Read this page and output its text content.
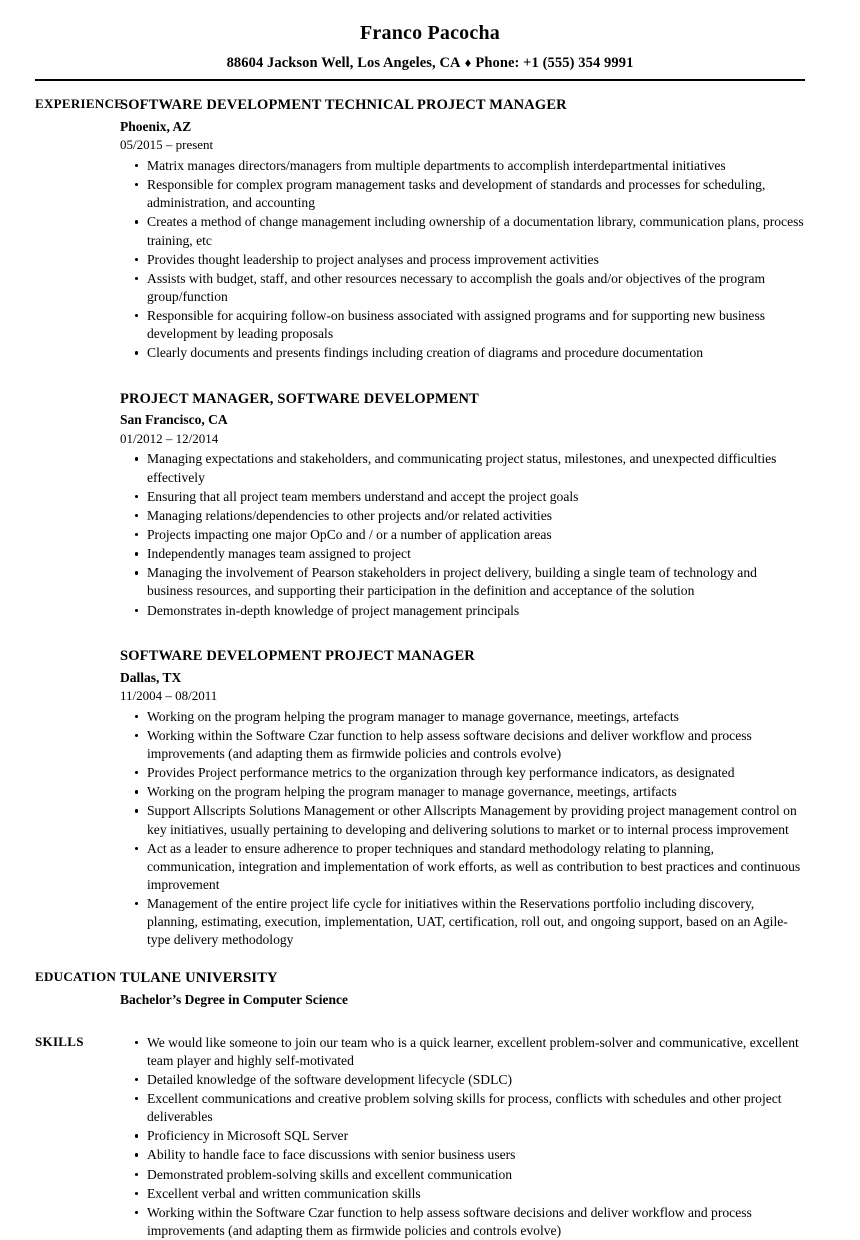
Franco Pacocha
88604 Jackson Well, Los Angeles, CA ♦ Phone: +1 (555) 354 9991
EXPERIENCE
SOFTWARE DEVELOPMENT TECHNICAL PROJECT MANAGER
Phoenix, AZ
05/2015 – present
Matrix manages directors/managers from multiple departments to accomplish interdepartmental initiatives
Responsible for complex program management tasks and development of standards and processes for scheduling, administration, and accounting
Creates a method of change management including ownership of a documentation library, communication plans, process training, etc
Provides thought leadership to project analyses and process improvement activities
Assists with budget, staff, and other resources necessary to accomplish the goals and/or objectives of the program group/function
Responsible for acquiring follow-on business associated with assigned programs and for supporting new business development by leading proposals
Clearly documents and presents findings including creation of diagrams and procedure documentation
PROJECT MANAGER, SOFTWARE DEVELOPMENT
San Francisco, CA
01/2012 – 12/2014
Managing expectations and stakeholders, and communicating project status, milestones, and unexpected difficulties effectively
Ensuring that all project team members understand and accept the project goals
Managing relations/dependencies to other projects and/or related activities
Projects impacting one major OpCo and / or a number of application areas
Independently manages team assigned to project
Managing the involvement of Pearson stakeholders in project delivery, building a single team of technology and business resources, and supporting their participation in the definition and acceptance of the solution
Demonstrates in-depth knowledge of project management principals
SOFTWARE DEVELOPMENT PROJECT MANAGER
Dallas, TX
11/2004 – 08/2011
Working on the program helping the program manager to manage governance, meetings, artefacts
Working within the Software Czar function to help assess software decisions and deliver workflow and process improvements (and adapting them as firmwide policies and controls evolve)
Provides Project performance metrics to the organization through key performance indicators, as designated
Working on the program helping the program manager to manage governance, meetings, artifacts
Support Allscripts Solutions Management or other Allscripts Management by providing project management control on key initiatives, usually pertaining to developing and delivering solutions to market or to internal process improvement
Act as a leader to ensure adherence to proper techniques and standard methodology relating to planning, communication, integration and implementation of work efforts, as well as contribution to best practices and continuous improvement
Management of the entire project life cycle for initiatives within the Reservations portfolio including discovery, planning, estimating, execution, implementation, UAT, certification, roll out, and ongoing support, based on an Agile-type delivery methodology
EDUCATION TULANE UNIVERSITY
Bachelor’s Degree in Computer Science
SKILLS	We would like someone to join our team who is a quick learner, excellent problem-solver and communicative, excellent team player and highly self-motivated
Detailed knowledge of the software development lifecycle (SDLC)
Excellent communications and creative problem solving skills for process, conflicts with schedules and other project deliverables
Proficiency in Microsoft SQL Server
Ability to handle face to face discussions with senior business users
Demonstrated problem-solving skills and excellent communication
Excellent verbal and written communication skills
Working within the Software Czar function to help assess software decisions and deliver workflow and process improvements (and adapting them as firmwide policies and controls evolve)
